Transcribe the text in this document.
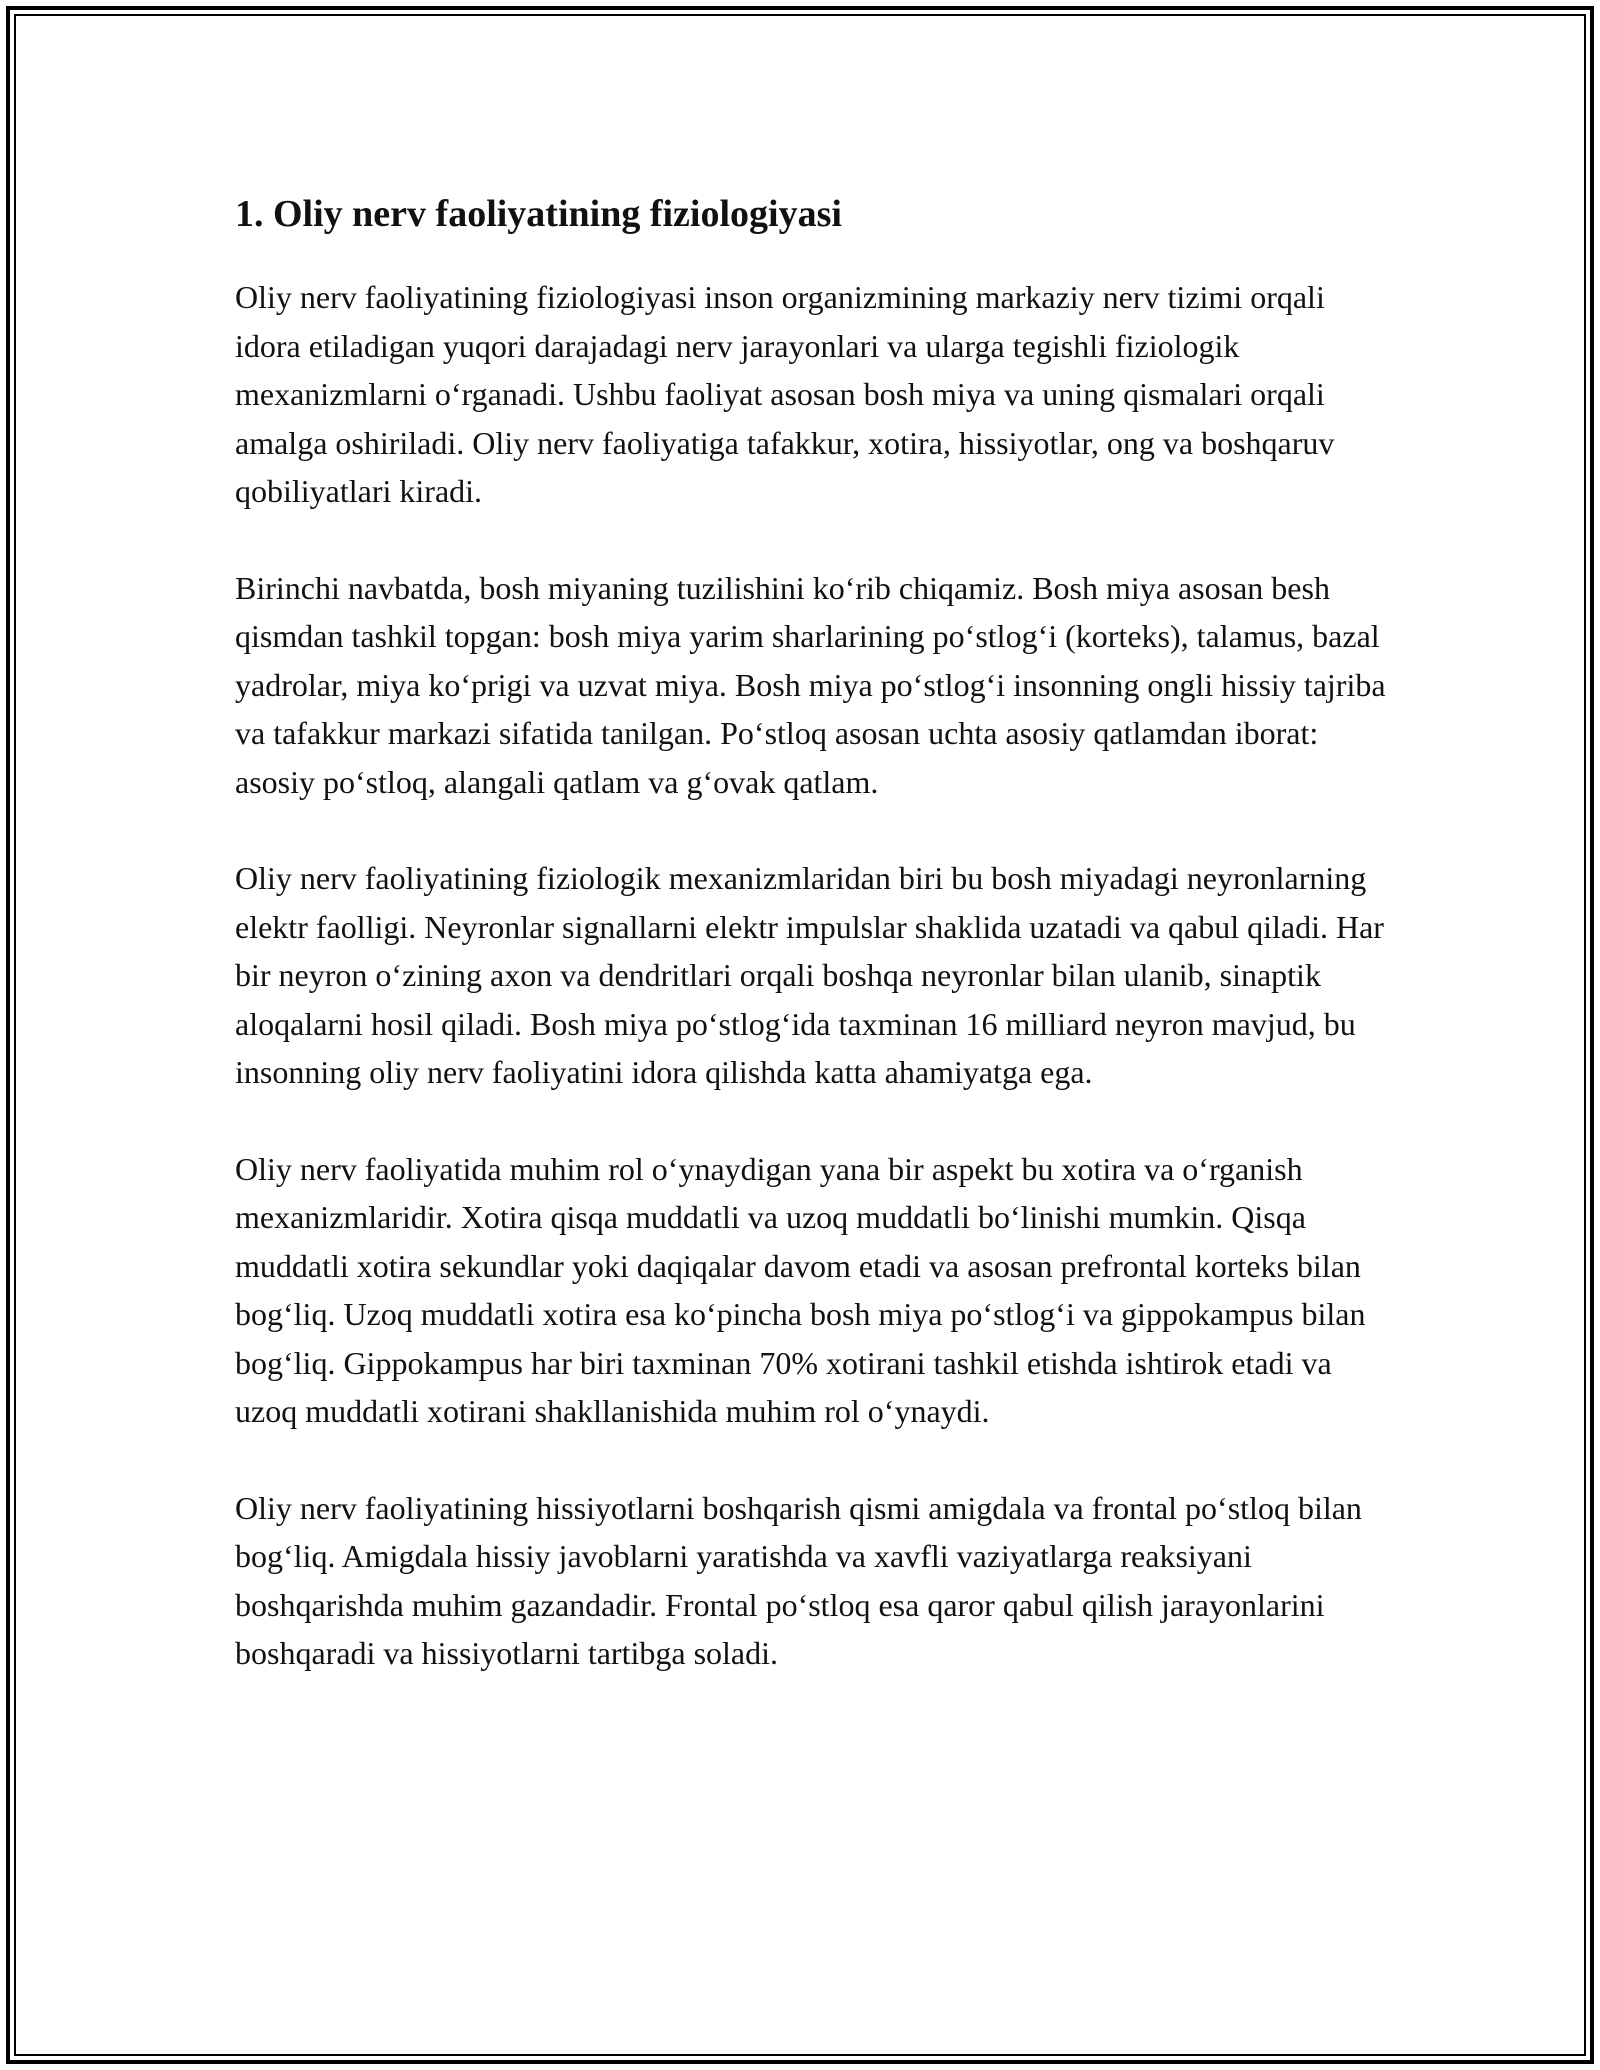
1. Oliy nerv faoliyatining fiziologiyasi

Oliy nerv faoliyatining fiziologiyasi inson organizmining markaziy nerv tizimi orqali idora etiladigan yuqori darajadagi nerv jarayonlari va ularga tegishli fiziologik mexanizmlarni o‘rganadi. Ushbu faoliyat asosan bosh miya va uning qismalari orqali amalga oshiriladi. Oliy nerv faoliyatiga tafakkur, xotira, hissiyotlar, ong va boshqaruv qobiliyatlari kiradi.

Birinchi navbatda, bosh miyaning tuzilishini ko‘rib chiqamiz. Bosh miya asosan besh qismdan tashkil topgan: bosh miya yarim sharlarining po‘stlog‘i (korteks), talamus, bazal yadrolar, miya ko‘prigi va uzvat miya. Bosh miya po‘stlog‘i insonning ongli hissiy tajriba va tafakkur markazi sifatida tanilgan. Po‘stloq asosan uchta asosiy qatlamdan iborat: asosiy po‘stloq, alangali qatlam va g‘ovak qatlam.

Oliy nerv faoliyatining fiziologik mexanizmlaridan biri bu bosh miyadagi neyronlarning elektr faolligi. Neyronlar signallarni elektr impulslar shaklida uzatadi va qabul qiladi. Har bir neyron o‘zining axon va dendritlari orqali boshqa neyronlar bilan ulanib, sinaptik aloqalarni hosil qiladi. Bosh miya po‘stlog‘ida taxminan 16 milliard neyron mavjud, bu insonning oliy nerv faoliyatini idora qilishda katta ahamiyatga ega.

Oliy nerv faoliyatida muhim rol o‘ynaydigan yana bir aspekt bu xotira va o‘rganish mexanizmlaridir. Xotira qisqa muddatli va uzoq muddatli bo‘linishi mumkin. Qisqa muddatli xotira sekundlar yoki daqiqalar davom etadi va asosan prefrontal korteks bilan bog‘liq. Uzoq muddatli xotira esa ko‘pincha bosh miya po‘stlog‘i va gippokampus bilan bog‘liq. Gippokampus har biri taxminan 70% xotirani tashkil etishda ishtirok etadi va uzoq muddatli xotirani shakllanishida muhim rol o‘ynaydi.

Oliy nerv faoliyatining hissiyotlarni boshqarish qismi amigdala va frontal po‘stloq bilan bog‘liq. Amigdala hissiy javoblarni yaratishda va xavfli vaziyatlarga reaksiyani boshqarishda muhim gazandadir. Frontal po‘stloq esa qaror qabul qilish jarayonlarini boshqaradi va hissiyotlarni tartibga soladi.
